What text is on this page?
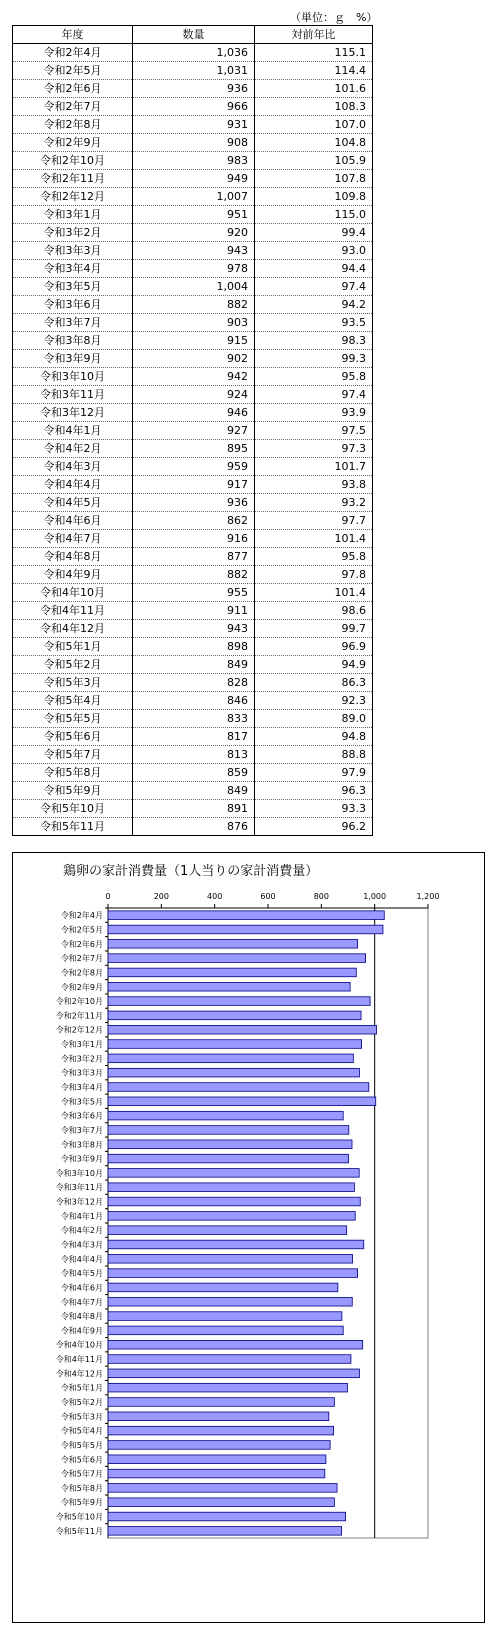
（単位：ｇ　%）
年度	数量	対前年比
令和2年4月	1,036	115.1
令和2年5月	1,031	114.4
令和2年6月	936	101.6
令和2年7月	966	108.3
令和2年8月	931	107.0
令和2年9月	908	104.8
令和2年10月	983	105.9
令和2年11月	949	107.8
令和2年12月	1,007	109.8
令和3年1月	951	115.0
令和3年2月	920	99.4
令和3年3月	943	93.0
令和3年4月	978	94.4
令和3年5月	1,004	97.4
令和3年6月	882	94.2
令和3年7月	903	93.5
令和3年8月	915	98.3
令和3年9月	902	99.3
令和3年10月	942	95.8
令和3年11月	924	97.4
令和3年12月	946	93.9
令和4年1月	927	97.5
令和4年2月	895	97.3
令和4年3月	959	101.7
令和4年4月	917	93.8
令和4年5月	936	93.2
令和4年6月	862	97.7
令和4年7月	916	101.4
令和4年8月	877	95.8
令和4年9月	882	97.8
令和4年10月	955	101.4
令和4年11月	911	98.6
令和4年12月	943	99.7
令和5年1月	898	96.9
令和5年2月	849	94.9
令和5年3月	828	86.3
令和5年4月	846	92.3
令和5年5月	833	89.0
令和5年6月	817	94.8
令和5年7月	813	88.8
令和5年8月	859	97.9
令和5年9月	849	96.3
令和5年10月	891	93.3
令和5年11月	876	96.2
鶏卵の家計消費量（1人当りの家計消費量）
0	200	400	600	800	1,000	1,200
令和2年4月
令和2年5月
令和2年6月
令和2年7月
令和2年8月
令和2年9月
令和2年10月
令和2年11月
令和2年12月
令和3年1月
令和3年2月
令和3年3月
令和3年4月
令和3年5月
令和3年6月
令和3年7月
令和3年8月
令和3年9月
令和3年10月
令和3年11月
令和3年12月
令和4年1月
令和4年2月
令和4年3月
令和4年4月
令和4年5月
令和4年6月
令和4年7月
令和4年8月
令和4年9月
令和4年10月
令和4年11月
令和4年12月
令和5年1月
令和5年2月
令和5年3月
令和5年4月
令和5年5月
令和5年6月
令和5年7月
令和5年8月
令和5年9月
令和5年10月
令和5年11月
